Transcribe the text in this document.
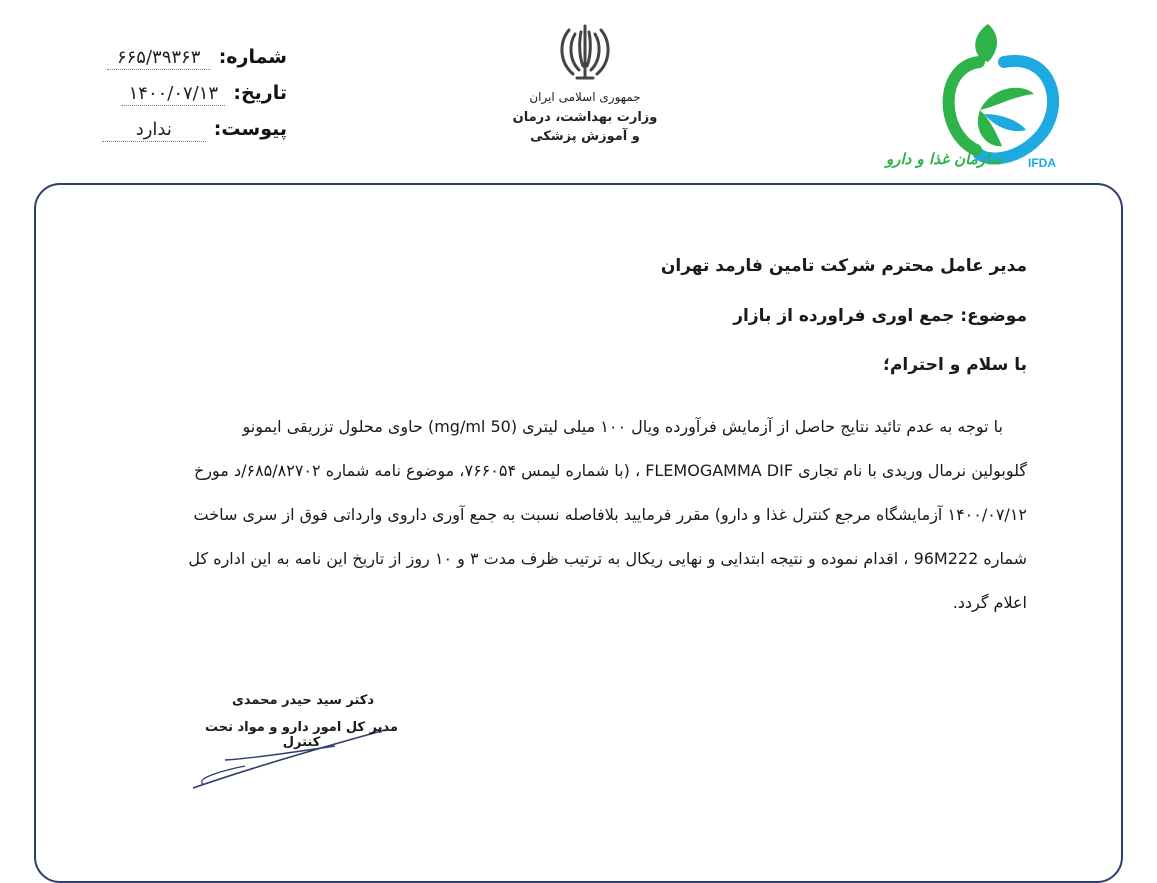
شماره:
۶۶۵/۳۹۳۶۳
تاریخ:
۱۴۰۰/۰۷/۱۳
پیوست:
ندارد
جمهوری اسلامی ایران
وزارت بهداشت، درمان
و آموزش پزشکی
سازمان غذا و دارو IFDA
مدیر عامل محترم شرکت تامین فارمد تهران
موضوع: جمع اوری فراورده از بازار
با سلام و احترام؛
با توجه به عدم تائید نتایج حاصل از آزمایش فرآورده ویال ۱۰۰ میلی لیتری (50 mg/ml) حاوی محلول تزریقی ایمونو
گلوبولین نرمال وریدی با نام تجاری FLEMOGAMMA DIF ، (با شماره لیمس ۷۶۶۰۵۴، موضوع نامه شماره ۶۸۵/۸۲۷۰۲/د مورخ
۱۴۰۰/۰۷/۱۲ آزمایشگاه مرجع کنترل غذا و دارو) مقرر فرمایید بلافاصله نسبت به جمع آوری داروی وارداتی فوق از سری ساخت
شماره 96M222 ، اقدام نموده و نتیجه ابتدایی و نهایی ریکال به ترتیب ظرف مدت ۳ و ۱۰ روز از تاریخ این نامه به این اداره کل
اعلام گردد.
دکتر سید حیدر محمدی
مدیر کل امور دارو و مواد تحت کنترل
